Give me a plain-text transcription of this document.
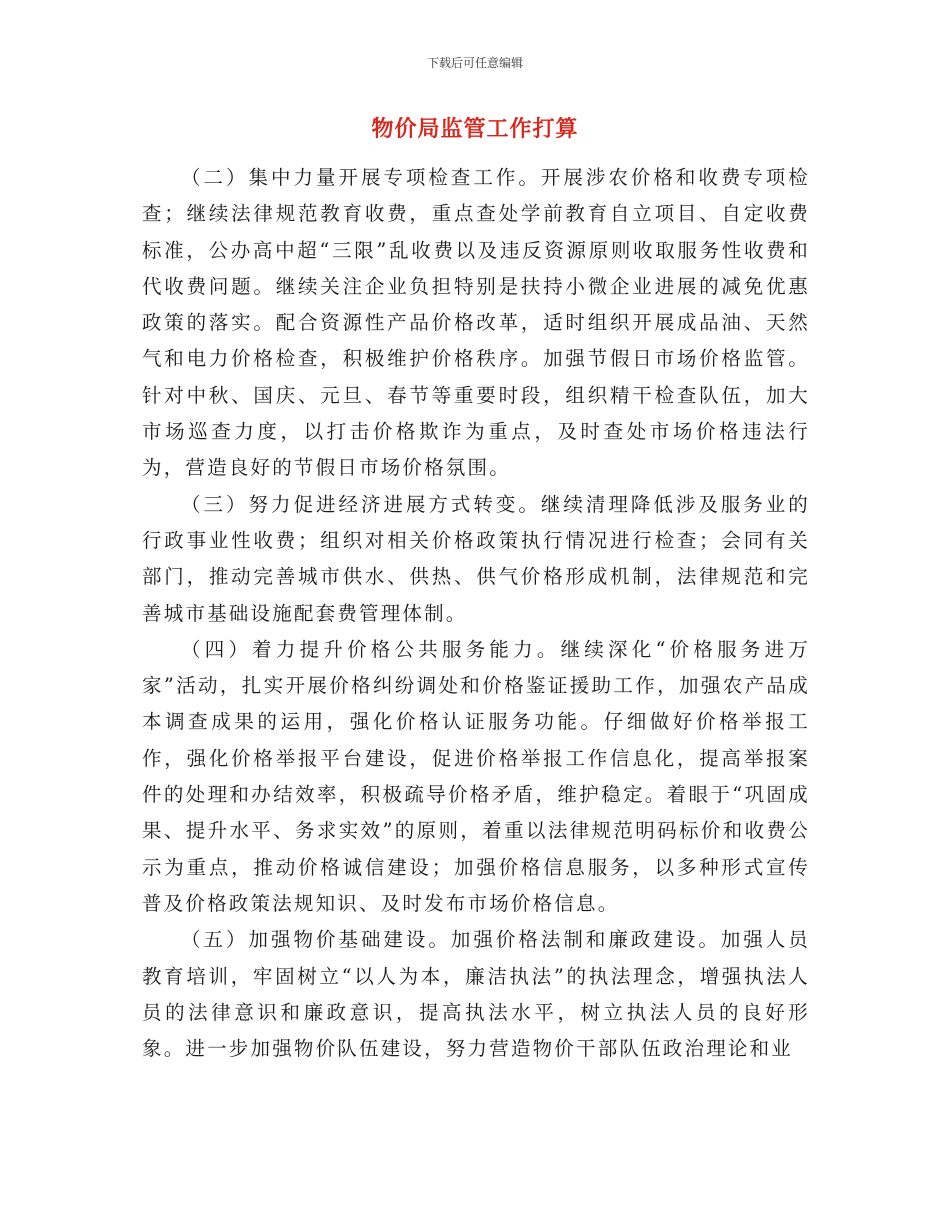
下载后可任意编辑
物价局监管工作打算

（二）集中力量开展专项检查工作。开展涉农价格和收费专项检查；继续法律规范教育收费，重点查处学前教育自立项目、自定收费标准，公办高中超“三限”乱收费以及违反资源原则收取服务性收费和代收费问题。继续关注企业负担特别是扶持小微企业进展的减免优惠政策的落实。配合资源性产品价格改革，适时组织开展成品油、天然气和电力价格检查，积极维护价格秩序。加强节假日市场价格监管。针对中秋、国庆、元旦、春节等重要时段，组织精干检查队伍，加大市场巡查力度，以打击价格欺诈为重点，及时查处市场价格违法行为，营造良好的节假日市场价格氛围。

（三）努力促进经济进展方式转变。继续清理降低涉及服务业的行政事业性收费；组织对相关价格政策执行情况进行检查；会同有关部门，推动完善城市供水、供热、供气价格形成机制，法律规范和完善城市基础设施配套费管理体制。

（四）着力提升价格公共服务能力。继续深化“价格服务进万家”活动，扎实开展价格纠纷调处和价格鉴证援助工作，加强农产品成本调查成果的运用，强化价格认证服务功能。仔细做好价格举报工作，强化价格举报平台建设，促进价格举报工作信息化，提高举报案件的处理和办结效率，积极疏导价格矛盾，维护稳定。着眼于“巩固成果、提升水平、务求实效”的原则，着重以法律规范明码标价和收费公示为重点，推动价格诚信建设；加强价格信息服务，以多种形式宣传普及价格政策法规知识、及时发布市场价格信息。

（五）加强物价基础建设。加强价格法制和廉政建设。加强人员教育培训，牢固树立“以人为本，廉洁执法”的执法理念，增强执法人员的法律意识和廉政意识，提高执法水平，树立执法人员的良好形象。进一步加强物价队伍建设，努力营造物价干部队伍政治理论和业
